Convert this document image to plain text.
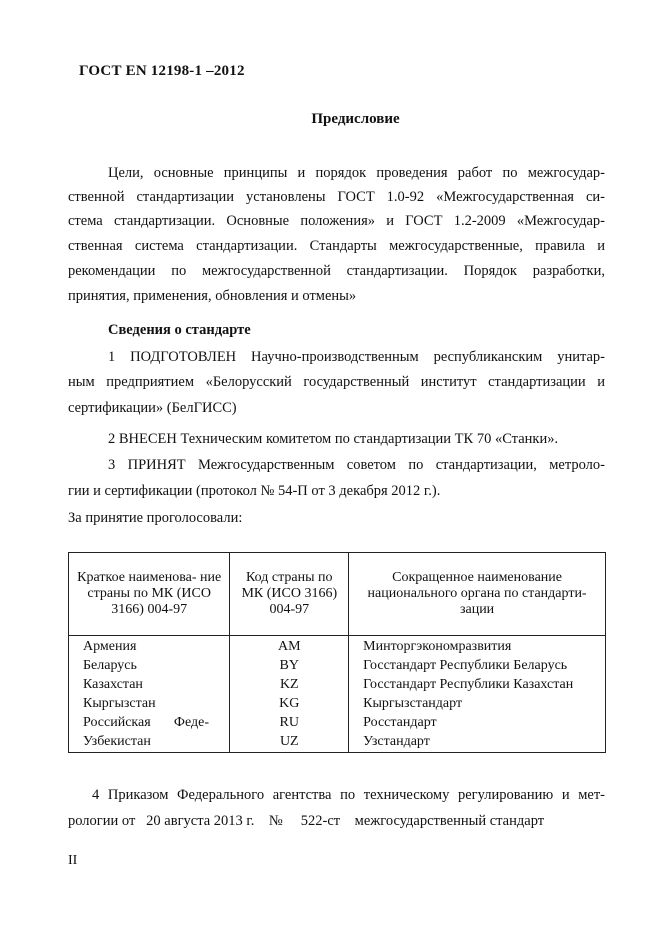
ГОСТ EN 12198-1 –2012
Предисловие
Цели, основные принципы и порядок проведения работ по межгосудар-
ственной стандартизации установлены ГОСТ 1.0-92 «Межгосударственная си-
стема стандартизации. Основные положения» и ГОСТ 1.2-2009 «Межгосудар-
ственная система стандартизации. Стандарты межгосударственные, правила и
рекомендации по межгосударственной стандартизации. Порядок разработки,
принятия, применения, обновления и отмены»
Сведения о стандарте
1 ПОДГОТОВЛЕН Научно-производственным республиканским унитар-
ным предприятием «Белорусский государственный институт стандартизации и
сертификации» (БелГИСС)
2 ВНЕСЕН Техническим комитетом по стандартизации ТК 70 «Станки».
3 ПРИНЯТ Межгосударственным советом по стандартизации, метроло-
гии и сертификации (протокол № 54-П от 3 декабря 2012 г.).
За принятие проголосовали:
Краткое наименова- ние страны по МК (ИСО 3166) 004-97	Код страны по МК (ИСО 3166) 004-97	Сокращенное наименование национального органа по стандарти- зации
Армения	AM	Минторгэкономразвития
Беларусь	BY	Госстандарт Республики Беларусь
Казахстан	KZ	Госстандарт Республики Казахстан
Кыргызстан	KG	Кыргызстандарт

Российская Феде-	RU	Росстандарт
Узбекистан	UZ	Узстандарт
4 Приказом Федерального агентства по техническому регулированию и мет-
рологии от   20 августа 2013 г.    №     522-ст    межгосударственный стандарт
II
